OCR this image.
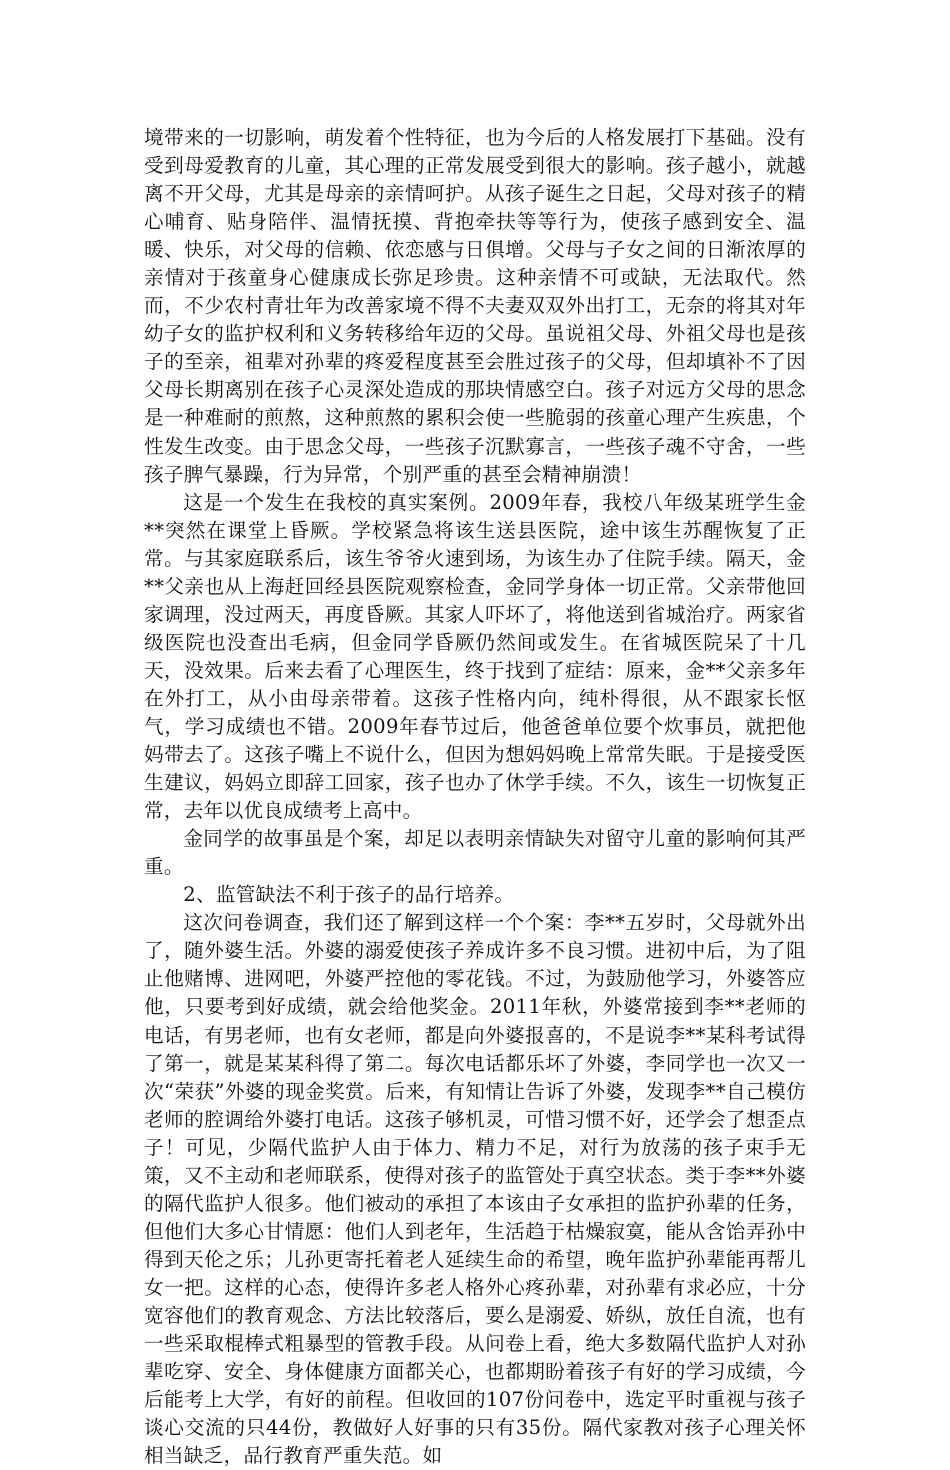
境带来的一切影响，萌发着个性特征，也为今后的人格发展打下基础。没有受到母爱教育的儿童，其心理的正常发展受到很大的影响。孩子越小，就越离不开父母，尤其是母亲的亲情呵护。从孩子诞生之日起，父母对孩子的精心哺育、贴身陪伴、温情抚摸、背抱牵扶等等行为，使孩子感到安全、温暖、快乐，对父母的信赖、依恋感与日俱增。父母与子女之间的日渐浓厚的亲情对于孩童身心健康成长弥足珍贵。这种亲情不可或缺，无法取代。然而，不少农村青壮年为改善家境不得不夫妻双双外出打工，无奈的将其对年幼子女的监护权利和义务转移给年迈的父母。虽说祖父母、外祖父母也是孩子的至亲，祖辈对孙辈的疼爱程度甚至会胜过孩子的父母，但却填补不了因父母长期离别在孩子心灵深处造成的那块情感空白。孩子对远方父母的思念是一种难耐的煎熬，这种煎熬的累积会使一些脆弱的孩童心理产生疾患，个性发生改变。由于思念父母，一些孩子沉默寡言，一些孩子魂不守舍，一些孩子脾气暴躁，行为异常，个别严重的甚至会精神崩溃！

这是一个发生在我校的真实案例。2009年春，我校八年级某班学生金**突然在课堂上昏厥。学校紧急将该生送县医院，途中该生苏醒恢复了正常。与其家庭联系后，该生爷爷火速到场，为该生办了住院手续。隔天，金**父亲也从上海赶回经县医院观察检查，金同学身体一切正常。父亲带他回家调理，没过两天，再度昏厥。其家人吓坏了，将他送到省城治疗。两家省级医院也没查出毛病，但金同学昏厥仍然间或发生。在省城医院呆了十几天，没效果。后来去看了心理医生，终于找到了症结：原来，金**父亲多年在外打工，从小由母亲带着。这孩子性格内向，纯朴得很，从不跟家长怄气，学习成绩也不错。2009年春节过后，他爸爸单位要个炊事员，就把他妈带去了。这孩子嘴上不说什么，但因为想妈妈晚上常常失眠。于是接受医生建议，妈妈立即辞工回家，孩子也办了休学手续。不久，该生一切恢复正常，去年以优良成绩考上高中。

金同学的故事虽是个案，却足以表明亲情缺失对留守儿童的影响何其严重。

2、监管缺法不利于孩子的品行培养。

这次问卷调查，我们还了解到这样一个个案：李**五岁时，父母就外出了，随外婆生活。外婆的溺爱使孩子养成许多不良习惯。进初中后，为了阻止他赌博、进网吧，外婆严控他的零花钱。不过，为鼓励他学习，外婆答应他，只要考到好成绩，就会给他奖金。2011年秋，外婆常接到李**老师的电话，有男老师，也有女老师，都是向外婆报喜的，不是说李**某科考试得了第一，就是某某科得了第二。每次电话都乐坏了外婆，李同学也一次又一次“荣获”外婆的现金奖赏。后来，有知情让告诉了外婆，发现李**自己模仿老师的腔调给外婆打电话。这孩子够机灵，可惜习惯不好，还学会了想歪点子！可见，少隔代监护人由于体力、精力不足，对行为放荡的孩子束手无策，又不主动和老师联系，使得对孩子的监管处于真空状态。类于李**外婆的隔代监护人很多。他们被动的承担了本该由子女承担的监护孙辈的任务，但他们大多心甘情愿：他们人到老年，生活趋于枯燥寂寞，能从含饴弄孙中得到天伦之乐；儿孙更寄托着老人延续生命的希望，晚年监护孙辈能再帮儿女一把。这样的心态，使得许多老人格外心疼孙辈，对孙辈有求必应，十分宽容他们的教育观念、方法比较落后，要么是溺爱、娇纵，放任自流，也有一些采取棍棒式粗暴型的管教手段。从问卷上看，绝大多数隔代监护人对孙辈吃穿、安全、身体健康方面都关心，也都期盼着孩子有好的学习成绩，今后能考上大学，有好的前程。但收回的107份问卷中，选定平时重视与孩子谈心交流的只44份，教做好人好事的只有35份。隔代家教对孩子心理关怀相当缺乏，品行教育严重失范。如
